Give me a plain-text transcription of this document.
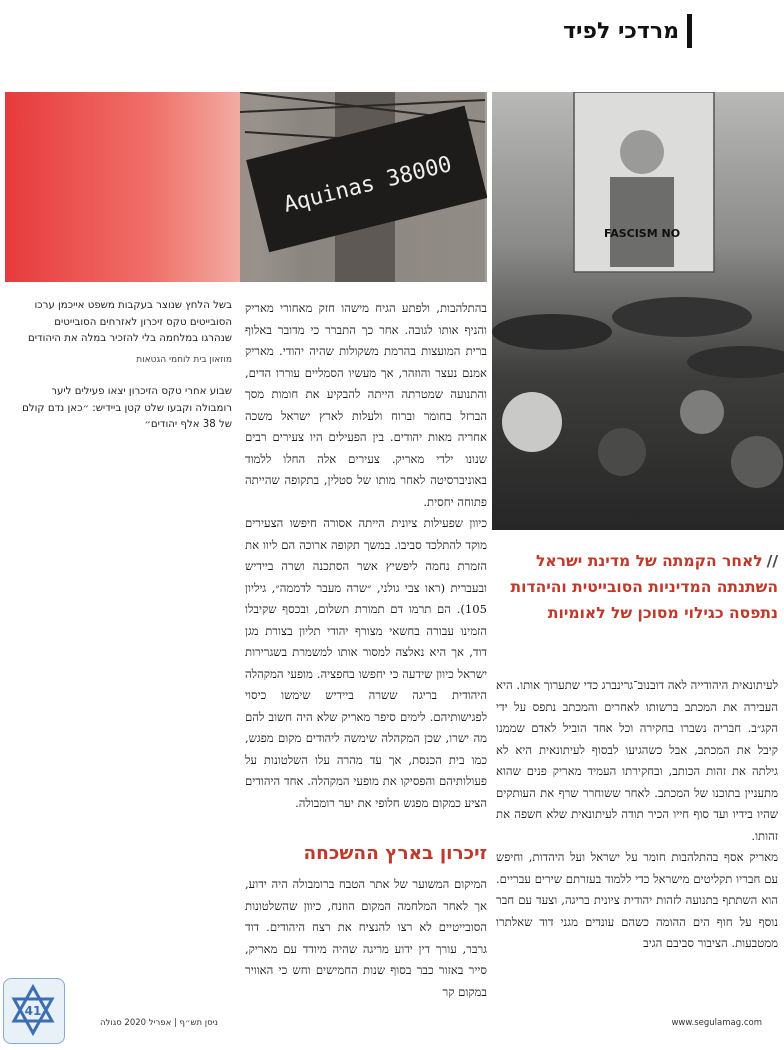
מרדכי לפיד
Aquinas 38000
FASCISM NO

בשל הלחץ שנוצר בעקבות משפט אייכמן ערכו הסובייטים טקס זיכרון לאזרחים הסובייטים שנהרגו במלחמה בלי להזכיר במלה את היהודים

מוזאון בית לוחמי הגטאות

שבוע אחרי טקס הזיכרון יצאו פעילים ליער רומבולה וקבעו שלט קטן ביידיש: ״כאן נדם קולם של 38 אלף יהודים״

בהתלהבות, ולפתע הגיח מישהו חזק מאחורי מאריק והניף אותו לגובה. אחר כך התברר כי מדובר באלוף ברית המועצות בהרמת משקולות שהיה יהודי. מאריק אמנם נעצר והוזהר, אך מעשיו הסמליים עוררו הדים, והתנועה שמטרתה הייתה להבקיע את חומות מסך הברזל בחומר וברוח ולעלות לארץ ישראל משכה אחריה מאות יהודים. בין הפעילים היו צעירים רבים שנונו ילדי מאריק. צעירים אלה החלו ללמוד באוניברסיטה לאחר מותו של סטלין, בתקופה שהייתה פתוחה יחסית.

כיוון שפעילות ציונית הייתה אסורה חיפשו הצעירים מוקד להתלכד סביבו. במשך תקופה ארוכה הם ליוו את הזמרת נחמה ליפשיץ אשר הסתכנה ושרה ביידיש ובעברית (ראו צבי גולני, ״שרה מעבר לדממה״, גיליון 105). הם תרמו דם תמורת תשלום, ובכסף שקיבלו הזמינו עבורה בחשאי מצורף יהודי תליון בצורת מגן דוד, אך היא נאלצה למסור אותו למשמרת בשגרירות ישראל כיוון שידעה כי יחפשו בחפציה. מופעי המקהלה היהודית בריגה ששרה ביידיש שימשו כיסוי לפגישותיהם. לימים סיפר מאריק שלא היה חשוב להם מה ישרו, שכן המקהלה שימשה ליהודים מקום מפגש, כמו בית הכנסת, אך עד מהרה עלו השלטונות על פעולותיהם והפסיקו את מופעי המקהלה. אחד היהודים הציע כמקום מפגש חלופי את יער רומבולה.

זיכרון בארץ ההשכחה

המיקום המשוער של אתר הטבח ברומבולה היה ידוע, אך לאחר המלחמה המקום הוזנח, כיוון שהשלטונות הסובייטיים לא רצו להנציח את רצח היהודים. דוד גרבר, עורך דין ידוע מריגה שהיה מיודד עם מאריק, סייר באזור כבר בסוף שנות החמישים וחש כי האוויר במקום קר

//לאחר הקמתה של מדינת ישראל השתנתה המדיניות הסובייטית והיהדות נתפסה כגילוי מסוכן של לאומיות

לעיתונאית היהודייה לאה דובנוב־גרינברג כדי שתערוך אותו. היא העבירה את המכתב ברשותו לאחרים והמכתב נתפס על ידי הקג״ב. חבריה נשברו בחקירה וכל אחד הוביל לאדם שממנו קיבל את המכתב, אבל כשהגיעו לבסוף לעיתונאית היא לא גילתה את זהות הכותב, ובחקירתו העמיד מאריק פנים שהוא מתעניין בתוכנו של המכתב. לאחר ששוחרר שרף את העותקים שהיו בידיו ועד סוף חייו הכיר תודה לעיתונאית שלא חשפה את זהותו.

מאריק אסף בהתלהבות חומר על ישראל ועל היהדות, וחיפש עם חבריו תקליטים מישראל כדי ללמוד בעזרתם שירים עבריים. הוא השתתף בתנועה לזהות יהודית ציונית בריגה, וצעד עם חבר נוסף על חוף הים ההומה כשהם עונדים מגני דוד שאלתרו ממטבעות. הציבור סביבם הגיב

41
ניסן תש״ף | אפריל 2020 סגולה	www.segulamag.com
